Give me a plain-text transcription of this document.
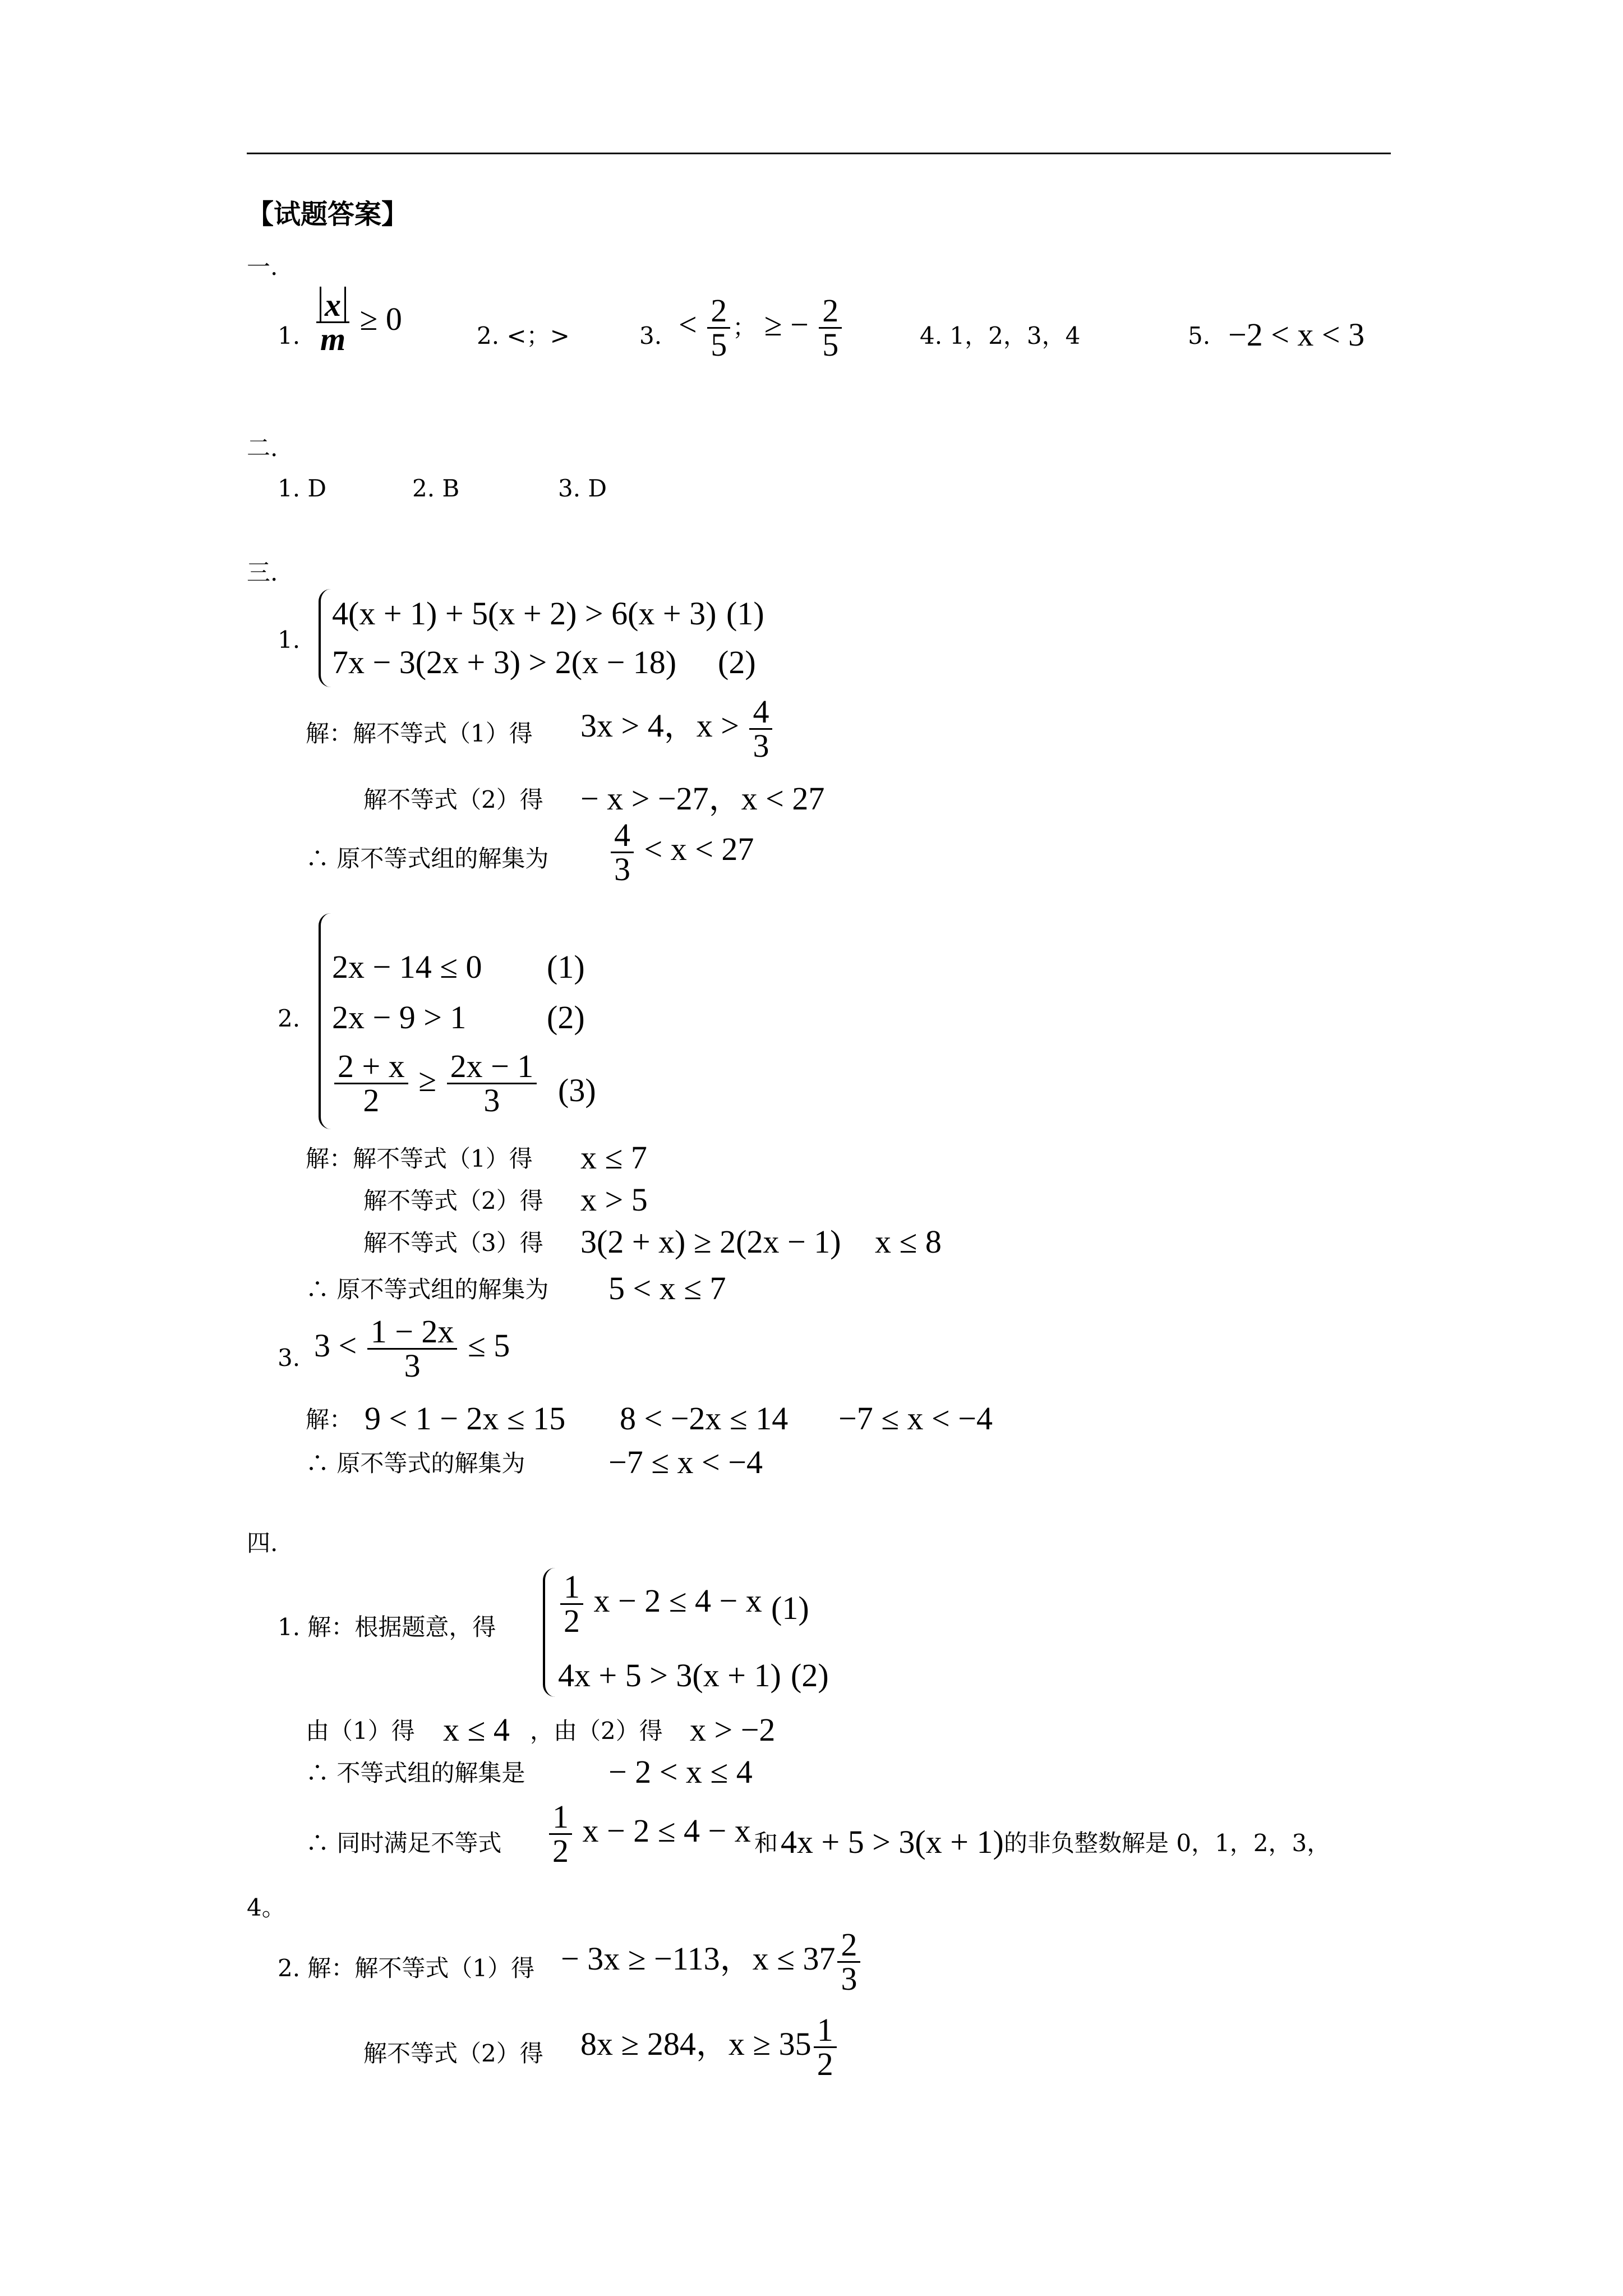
【试题答案】
一.
1. $\frac{x}{m} \ge 0$	2. <；>	3. < $\frac{2}{5}$ ； ≥ − $\frac{2}{5}$	4. 1，2，3，4	5. −2 < x < 3
二.
1. D	2. B	3. D
三.
1.
4(x + 1) + 5(x + 2) > 6(x + 3) (1)
7x − 3(2x + 3) > 2(x − 18) (2)
解：解不等式（1）得 3x > 4，$x > \frac{4}{3}$
解不等式（2）得 − x > −27，x < 27
∴ 原不等式组的解集为 $\frac{4}{3} < x < 27$
2.
2x − 14 ≤ 0 (1)
2x − 9 > 1 (2)
$\frac{2 + x}{2} \ge \frac{2x - 1}{3} (3)$
解：解不等式（1）得 x ≤ 7
解不等式（2）得 x > 5
解不等式（3）得 3(2 + x) ≥ 2(2x − 1) x ≤ 8
∴ 原不等式组的解集为 5 < x ≤ 7
3. $3 < \frac{1 - 2x}{3} \le 5$
解： 9 < 1 − 2x ≤ 15 8 < −2x ≤ 14 −7 ≤ x < −4
∴ 原不等式的解集为	−7 ≤ x < −4
四.
1. 解：根据题意，得 $\frac{1}{2}$ x − 2 ≤ 4 − x (1)
4x + 5 > 3(x + 1) (2)
由（1）得 x ≤ 4 ，由（2）得 x > −2
∴ 不等式组的解集是	− 2 < x ≤ 4
∴ 同时满足不等式 $\frac{1}{2}$ x − 2 ≤ 4 − x 和 4x + 5 > 3(x + 1) 的非负整数解是 0，1，2，3，
4。
2. 解：解不等式（1）得 − 3x ≥ −113，$x \le 37 \frac{2}{3}$
解不等式（2）得 8x ≥ 284，$x \ge 35 \frac{1}{2}$
